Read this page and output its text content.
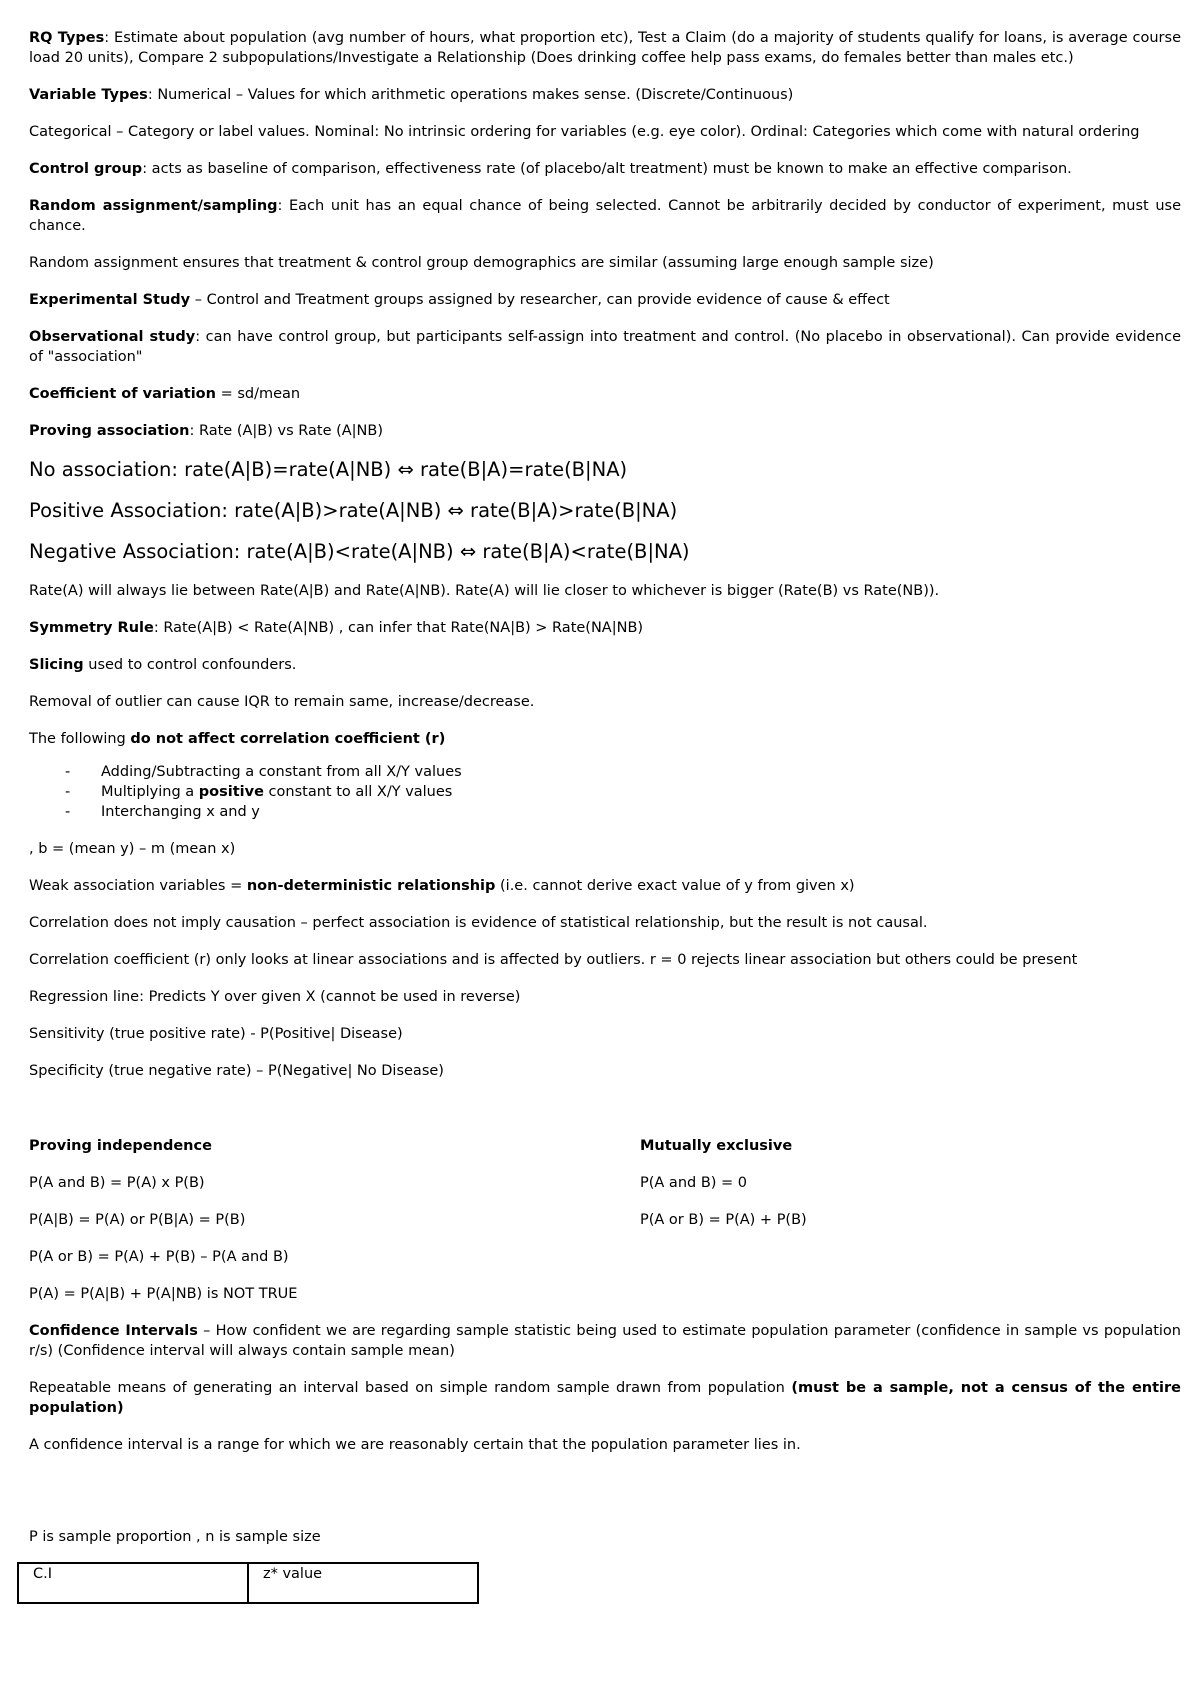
RQ Types: Estimate about population (avg number of hours, what proportion etc), Test a Claim (do a majority of students qualify for loans, is average course load 20 units), Compare 2 subpopulations/Investigate a Relationship (Does drinking coffee help pass exams, do females better than males etc.)

Variable Types: Numerical – Values for which arithmetic operations makes sense. (Discrete/Continuous)

Categorical – Category or label values. Nominal: No intrinsic ordering for variables (e.g. eye color). Ordinal: Categories which come with natural ordering

Control group: acts as baseline of comparison, effectiveness rate (of placebo/alt treatment) must be known to make an effective comparison.

Random assignment/sampling: Each unit has an equal chance of being selected. Cannot be arbitrarily decided by conductor of experiment, must use chance.

Random assignment ensures that treatment & control group demographics are similar (assuming large enough sample size)

Experimental Study – Control and Treatment groups assigned by researcher, can provide evidence of cause & effect

Observational study: can have control group, but participants self-assign into treatment and control. (No placebo in observational). Can provide evidence of "association"

Coefficient of variation = sd/mean

Proving association: Rate (A|B) vs Rate (A|NB)

No association: rate(A|B)=rate(A|NB) ⇔ rate(B|A)=rate(B|NA)

Positive Association: rate(A|B)>rate(A|NB) ⇔ rate(B|A)>rate(B|NA)

Negative Association: rate(A|B)<rate(A|NB) ⇔ rate(B|A)<rate(B|NA)

Rate(A) will always lie between Rate(A|B) and Rate(A|NB). Rate(A) will lie closer to whichever is bigger (Rate(B) vs Rate(NB)).

Symmetry Rule: Rate(A|B) < Rate(A|NB) , can infer that Rate(NA|B) > Rate(NA|NB)

Slicing used to control confounders.

Removal of outlier can cause IQR to remain same, increase/decrease.

The following do not affect correlation coefficient (r)

- Adding/Subtracting a constant from all X/Y values
- Multiplying a positive constant to all X/Y values
- Interchanging x and y

, b = (mean y) – m (mean x)

Weak association variables = non-deterministic relationship (i.e. cannot derive exact value of y from given x)

Correlation does not imply causation – perfect association is evidence of statistical relationship, but the result is not causal.

Correlation coefficient (r) only looks at linear associations and is affected by outliers. r = 0 rejects linear association but others could be present

Regression line: Predicts Y over given X (cannot be used in reverse)

Sensitivity (true positive rate) - P(Positive| Disease)

Specificity (true negative rate) – P(Negative| No Disease)

Proving independence

P(A and B) = P(A) x P(B)

P(A|B) = P(A) or P(B|A) = P(B)

P(A or B) = P(A) + P(B) – P(A and B)

P(A) = P(A|B) + P(A|NB) is NOT TRUE

Mutually exclusive

P(A and B) = 0

P(A or B) = P(A) + P(B)

Confidence Intervals – How confident we are regarding sample statistic being used to estimate population parameter (confidence in sample vs population r/s) (Confidence interval will always contain sample mean)

Repeatable means of generating an interval based on simple random sample drawn from population (must be a sample, not a census of the entire population)

A confidence interval is a range for which we are reasonably certain that the population parameter lies in.

P is sample proportion , n is sample size

C.I	z* value
